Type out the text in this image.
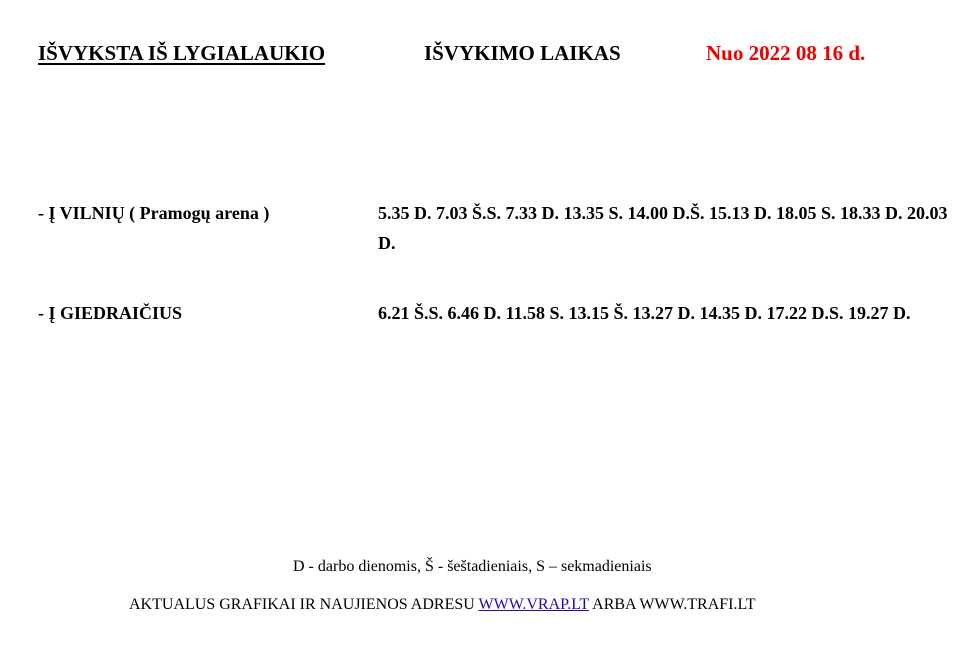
IŠVYKSTA IŠ LYGIALAUKIO	IŠVYKIMO LAIKAS	Nuo 2022 08 16 d.
- Į VILNIŲ ( Pramogų arena )	5.35 D. 7.03 Š.S. 7.33 D. 13.35 S. 14.00 D.Š. 15.13 D. 18.05 S. 18.33 D. 20.03 D.
- Į GIEDRAIČIUS	6.21 Š.S. 6.46 D. 11.58 S. 13.15 Š. 13.27 D. 14.35 D. 17.22 D.S. 19.27 D.
D - darbo dienomis, Š - šeštadieniais, S – sekmadieniais
AKTUALUS GRAFIKAI IR NAUJIENOS ADRESU WWW.VRAP.LT ARBA WWW.TRAFI.LT
